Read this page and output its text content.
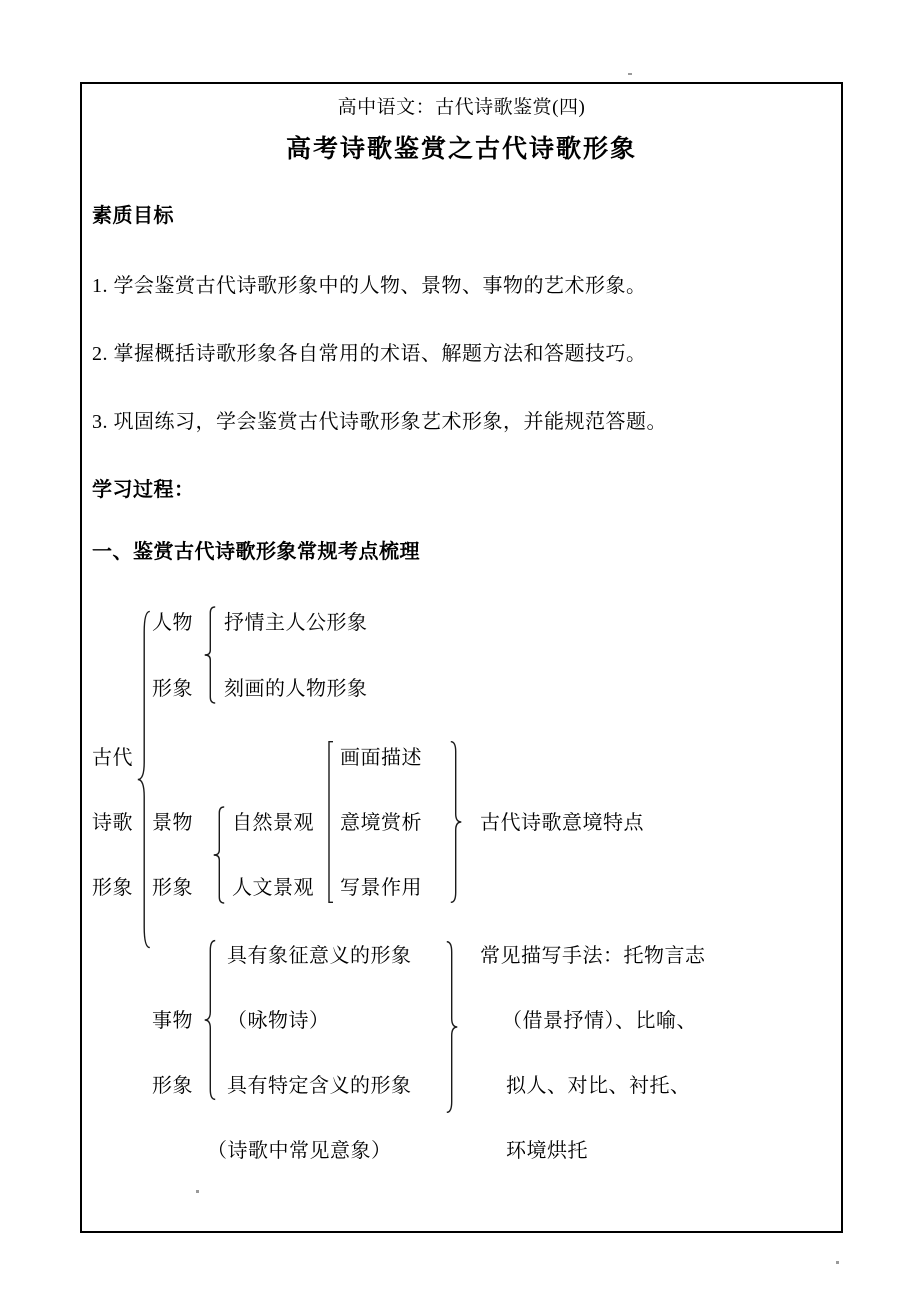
高中语文：古代诗歌鉴赏(四)
高考诗歌鉴赏之古代诗歌形象
素质目标
1. 学会鉴赏古代诗歌形象中的人物、景物、事物的艺术形象。
2. 掌握概括诗歌形象各自常用的术语、解题方法和答题技巧。
3. 巩固练习，学会鉴赏古代诗歌形象艺术形象，并能规范答题。
学习过程：
一、鉴赏古代诗歌形象常规考点梳理
古代
诗歌
形象
人物
形象
抒情主人公形象
刻画的人物形象
景物
形象
自然景观
人文景观
画面描述
意境赏析
写景作用
古代诗歌意境特点
事物
形象
具有象征意义的形象
（咏物诗）
具有特定含义的形象
（诗歌中常见意象）
常见描写手法：托物言志
（借景抒情）、比喻、
拟人、对比、衬托、
环境烘托
